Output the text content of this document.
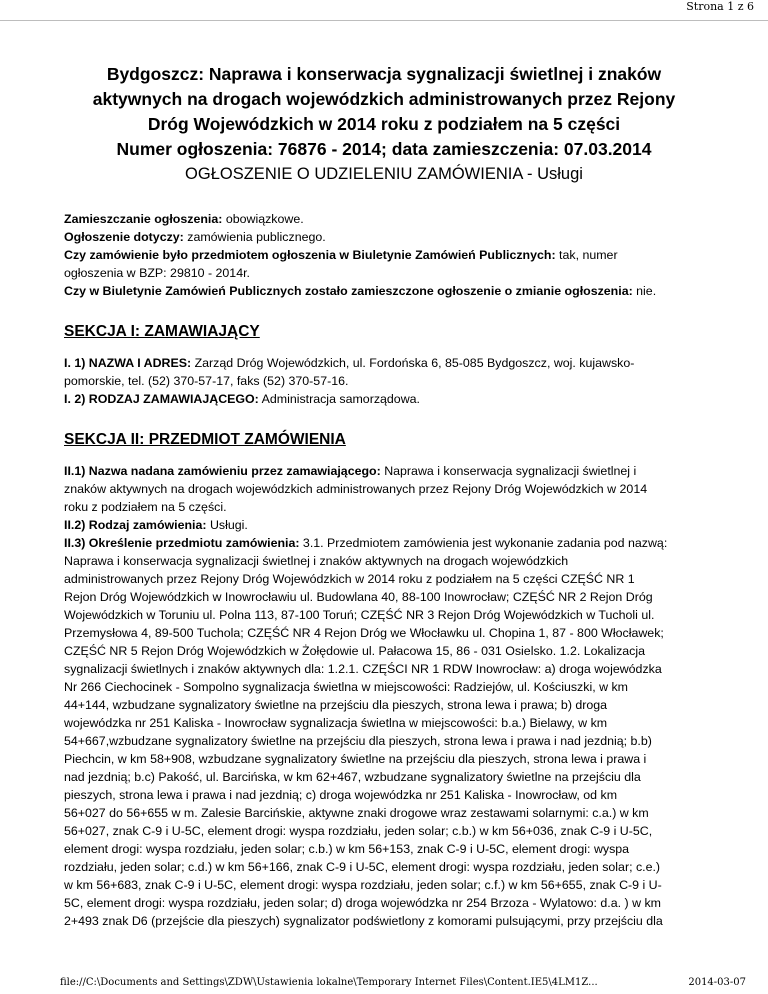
Strona 1 z 6
Bydgoszcz: Naprawa i konserwacja sygnalizacji świetlnej i znaków
aktywnych na drogach wojewódzkich administrowanych przez Rejony
Dróg Wojewódzkich w 2014 roku z podziałem na 5 części
Numer ogłoszenia: 76876 - 2014; data zamieszczenia: 07.03.2014
OGŁOSZENIE O UDZIELENIU ZAMÓWIENIA - Usługi
Zamieszczanie ogłoszenia: obowiązkowe.
Ogłoszenie dotyczy: zamówienia publicznego.
Czy zamówienie było przedmiotem ogłoszenia w Biuletynie Zamówień Publicznych: tak, numer
ogłoszenia w BZP: 29810 - 2014r.
Czy w Biuletynie Zamówień Publicznych zostało zamieszczone ogłoszenie o zmianie ogłoszenia: nie.
SEKCJA I: ZAMAWIAJĄCY
I. 1) NAZWA I ADRES: Zarząd Dróg Wojewódzkich, ul. Fordońska 6, 85-085 Bydgoszcz, woj. kujawsko-
pomorskie, tel. (52) 370-57-17, faks (52) 370-57-16.
I. 2) RODZAJ ZAMAWIAJĄCEGO: Administracja samorządowa.
SEKCJA II: PRZEDMIOT ZAMÓWIENIA
II.1) Nazwa nadana zamówieniu przez zamawiającego: Naprawa i konserwacja sygnalizacji świetlnej i
znaków aktywnych na drogach wojewódzkich administrowanych przez Rejony Dróg Wojewódzkich w 2014
roku z podziałem na 5 części.
II.2) Rodzaj zamówienia: Usługi.
II.3) Określenie przedmiotu zamówienia: 3.1. Przedmiotem zamówienia jest wykonanie zadania pod nazwą:
Naprawa i konserwacja sygnalizacji świetlnej i znaków aktywnych na drogach wojewódzkich
administrowanych przez Rejony Dróg Wojewódzkich w 2014 roku z podziałem na 5 części CZĘŚĆ NR 1
Rejon Dróg Wojewódzkich w Inowrocławiu ul. Budowlana 40, 88-100 Inowrocław; CZĘŚĆ NR 2 Rejon Dróg
Wojewódzkich w Toruniu ul. Polna 113, 87-100 Toruń; CZĘŚĆ NR 3 Rejon Dróg Wojewódzkich w Tucholi ul.
Przemysłowa 4, 89-500 Tuchola; CZĘŚĆ NR 4 Rejon Dróg we Włocławku ul. Chopina 1, 87 - 800 Włocławek;
CZĘŚĆ NR 5 Rejon Dróg Wojewódzkich w Żołędowie ul. Pałacowa 15, 86 - 031 Osielsko. 1.2. Lokalizacja
sygnalizacji świetlnych i znaków aktywnych dla: 1.2.1. CZĘŚCI NR 1 RDW Inowrocław: a) droga wojewódzka
Nr 266 Ciechocinek - Sompolno sygnalizacja świetlna w miejscowości: Radziejów, ul. Kościuszki, w km
44+144, wzbudzane sygnalizatory świetlne na przejściu dla pieszych, strona lewa i prawa; b) droga
wojewódzka nr 251 Kaliska - Inowrocław sygnalizacja świetlna w miejscowości: b.a.) Bielawy, w km
54+667,wzbudzane sygnalizatory świetlne na przejściu dla pieszych, strona lewa i prawa i nad jezdnią; b.b)
Piechcin, w km 58+908, wzbudzane sygnalizatory świetlne na przejściu dla pieszych, strona lewa i prawa i
nad jezdnią; b.c) Pakość, ul. Barcińska, w km 62+467, wzbudzane sygnalizatory świetlne na przejściu dla
pieszych, strona lewa i prawa i nad jezdnią; c) droga wojewódzka nr 251 Kaliska - Inowrocław, od km
56+027 do 56+655 w m. Zalesie Barcińskie, aktywne znaki drogowe wraz zestawami solarnymi: c.a.) w km
56+027, znak C-9 i U-5C, element drogi: wyspa rozdziału, jeden solar; c.b.) w km 56+036, znak C-9 i U-5C,
element drogi: wyspa rozdziału, jeden solar; c.b.) w km 56+153, znak C-9 i U-5C, element drogi: wyspa
rozdziału, jeden solar; c.d.) w km 56+166, znak C-9 i U-5C, element drogi: wyspa rozdziału, jeden solar; c.e.)
w km 56+683, znak C-9 i U-5C, element drogi: wyspa rozdziału, jeden solar; c.f.) w km 56+655, znak C-9 i U-
5C, element drogi: wyspa rozdziału, jeden solar; d) droga wojewódzka nr 254 Brzoza - Wylatowo: d.a. ) w km
2+493 znak D6 (przejście dla pieszych) sygnalizator podświetlony z komorami pulsującymi, przy przejściu dla
file://C:\Documents and Settings\ZDW\Ustawienia lokalne\Temporary Internet Files\Content.IE5\4LM1Z...	2014-03-07
